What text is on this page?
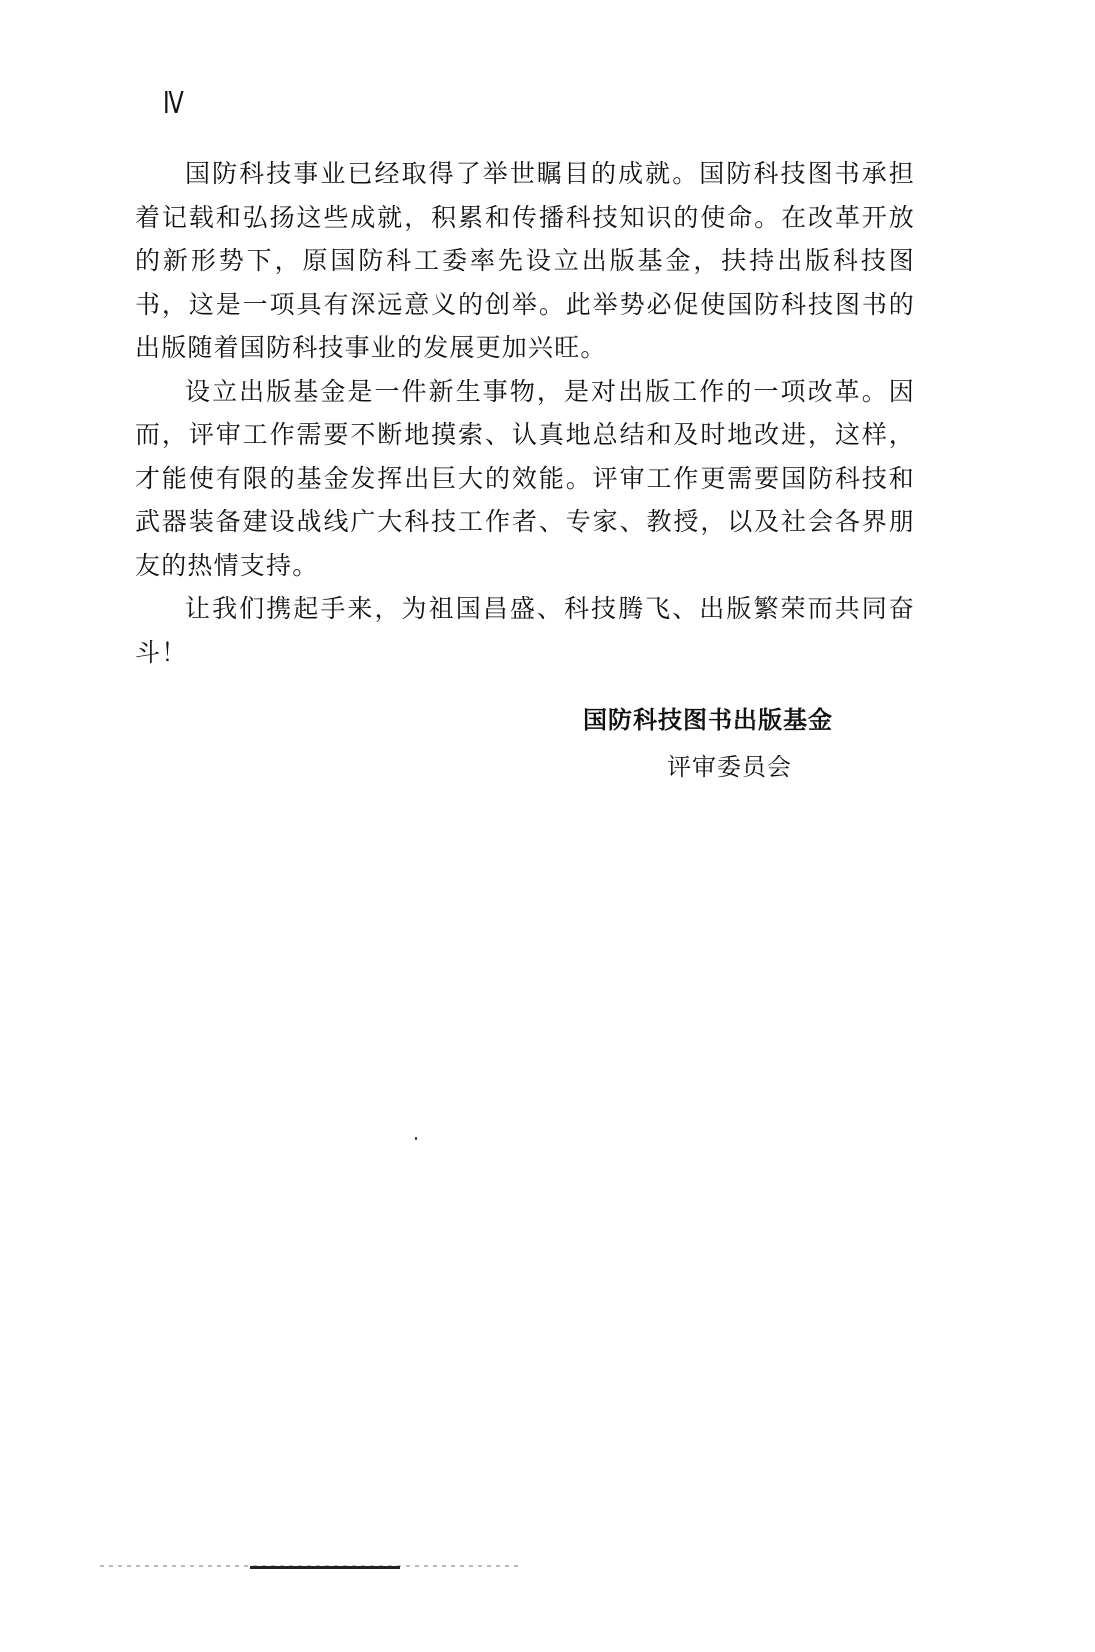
Ⅳ

国防科技事业已经取得了举世瞩目的成就。国防科技图书承担着记载和弘扬这些成就，积累和传播科技知识的使命。在改革开放的新形势下，原国防科工委率先设立出版基金，扶持出版科技图书，这是一项具有深远意义的创举。此举势必促使国防科技图书的出版随着国防科技事业的发展更加兴旺。

设立出版基金是一件新生事物，是对出版工作的一项改革。因而，评审工作需要不断地摸索、认真地总结和及时地改进，这样，才能使有限的基金发挥出巨大的效能。评审工作更需要国防科技和武器装备建设战线广大科技工作者、专家、教授，以及社会各界朋友的热情支持。

让我们携起手来，为祖国昌盛、科技腾飞、出版繁荣而共同奋斗！

国防科技图书出版基金
评审委员会
